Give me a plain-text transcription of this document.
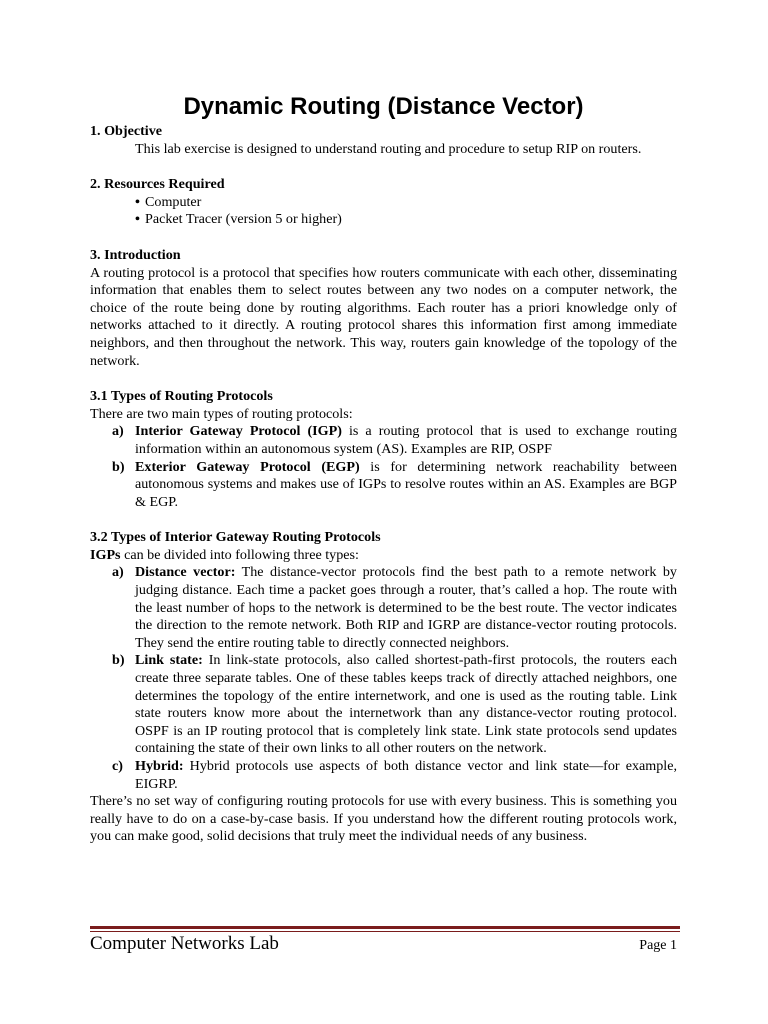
Dynamic Routing (Distance Vector)

1. Objective

This lab exercise is designed to understand routing and procedure to setup RIP on routers.

2. Resources Required

• Computer
• Packet Tracer (version 5 or higher)

3. Introduction

A routing protocol is a protocol that specifies how routers communicate with each other, disseminating information that enables them to select routes between any two nodes on a computer network, the choice of the route being done by routing algorithms. Each router has a priori knowledge only of networks attached to it directly. A routing protocol shares this information first among immediate neighbors, and then throughout the network. This way, routers gain knowledge of the topology of the network.

3.1 Types of Routing Protocols

There are two main types of routing protocols:

a) Interior Gateway Protocol (IGP) is a routing protocol that is used to exchange routing information within an autonomous system (AS). Examples are RIP, OSPF
b) Exterior Gateway Protocol (EGP) is for determining network reachability between autonomous systems and makes use of IGPs to resolve routes within an AS. Examples are BGP & EGP.

3.2 Types of Interior Gateway Routing Protocols

IGPs can be divided into following three types:

a) Distance vector: The distance-vector protocols find the best path to a remote network by judging distance. Each time a packet goes through a router, that’s called a hop. The route with the least number of hops to the network is determined to be the best route. The vector indicates the direction to the remote network. Both RIP and IGRP are distance-vector routing protocols. They send the entire routing table to directly connected neighbors.
b) Link state: In link-state protocols, also called shortest-path-first protocols, the routers each create three separate tables. One of these tables keeps track of directly attached neighbors, one determines the topology of the entire internetwork, and one is used as the routing table. Link state routers know more about the internetwork than any distance-vector routing protocol. OSPF is an IP routing protocol that is completely link state. Link state protocols send updates containing the state of their own links to all other routers on the network.
c) Hybrid: Hybrid protocols use aspects of both distance vector and link state—for example, EIGRP.

There’s no set way of configuring routing protocols for use with every business. This is something you really have to do on a case-by-case basis. If you understand how the different routing protocols work, you can make good, solid decisions that truly meet the individual needs of any business.

Computer Networks Lab	Page 1
